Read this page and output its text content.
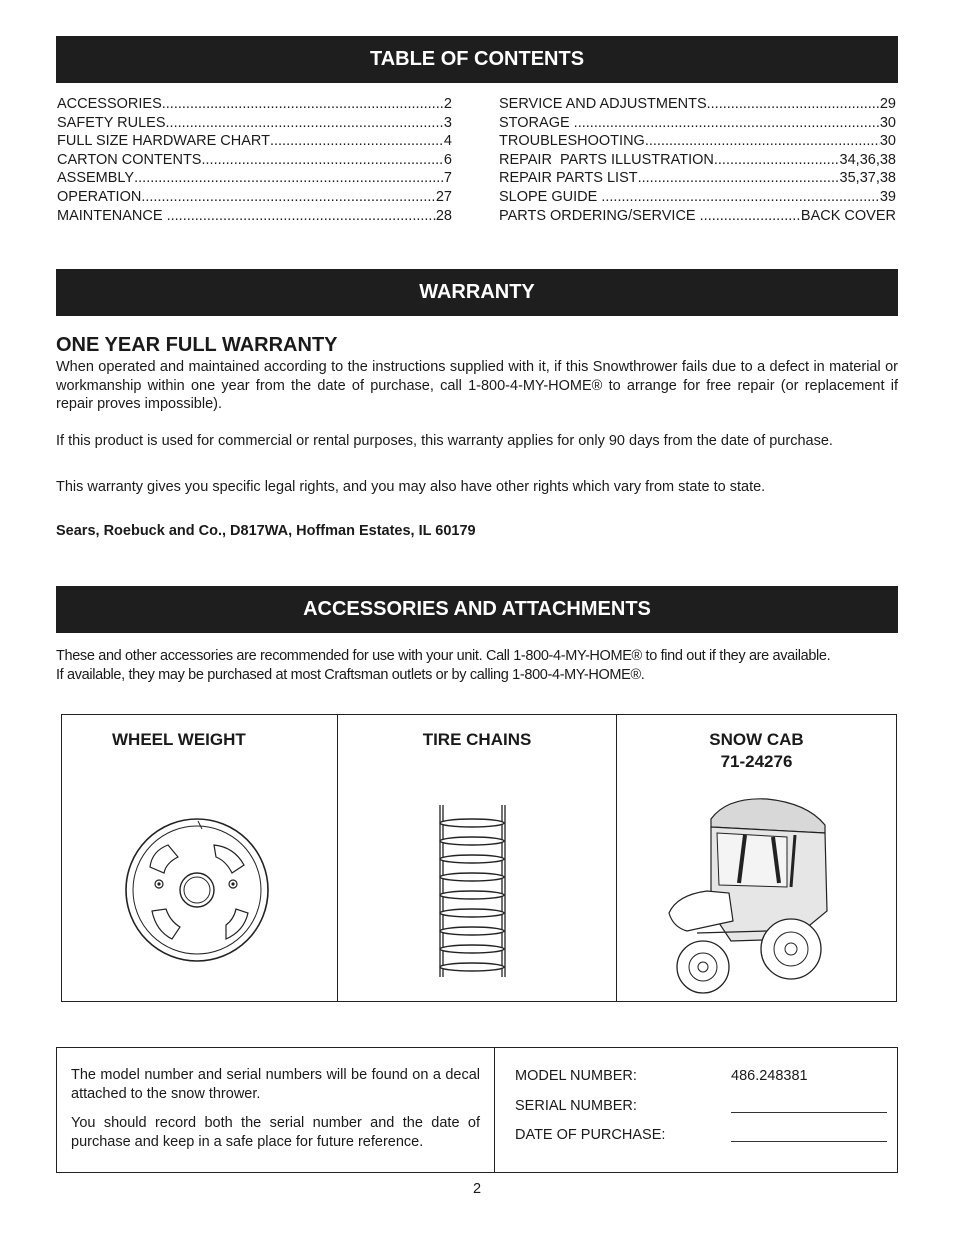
TABLE OF CONTENTS
ACCESSORIES .....	2
SAFETY RULES .....	3
FULL SIZE HARDWARE CHART .....	4
CARTON CONTENTS .....	6
ASSEMBLY .....	7
OPERATION .....	27
MAINTENANCE .....	28
SERVICE AND ADJUSTMENTS .....	29
STORAGE .....	30
TROUBLESHOOTING .....	30
REPAIR  PARTS ILLUSTRATION .....	34,36,38
REPAIR PARTS LIST .....	35,37,38
SLOPE GUIDE .....	39
PARTS ORDERING/SERVICE .....	BACK COVER
WARRANTY
ONE YEAR FULL WARRANTY
When operated and maintained according to the instructions supplied with it, if this Snowthrower fails due to a defect in material or workmanship within one year from the date of purchase, call 1-800-4-MY-HOME® to arrange for free repair (or replacement if repair proves impossible).
If this product is used for commercial or rental purposes, this warranty applies for only 90 days from the date of purchase.
This warranty gives you specific legal rights, and you may also have other rights which vary from state to state.
Sears, Roebuck and Co., D817WA, Hoffman Estates, IL 60179
ACCESSORIES AND ATTACHMENTS
These and other accessories are recommended for use with your unit. Call 1-800-4-MY-HOME® to find out if they are available.
If available, they may be purchased at most Craftsman outlets or by calling 1-800-4-MY-HOME®.
WHEEL WEIGHT	TIRE CHAINS	SNOW CAB
71-24276

The model number and serial numbers will be found on a decal attached to the snow thrower.

You should record both the serial number and the date of purchase and keep in a safe place for future reference.

MODEL NUMBER:	486.248381
SERIAL NUMBER:
DATE OF PURCHASE:
2
